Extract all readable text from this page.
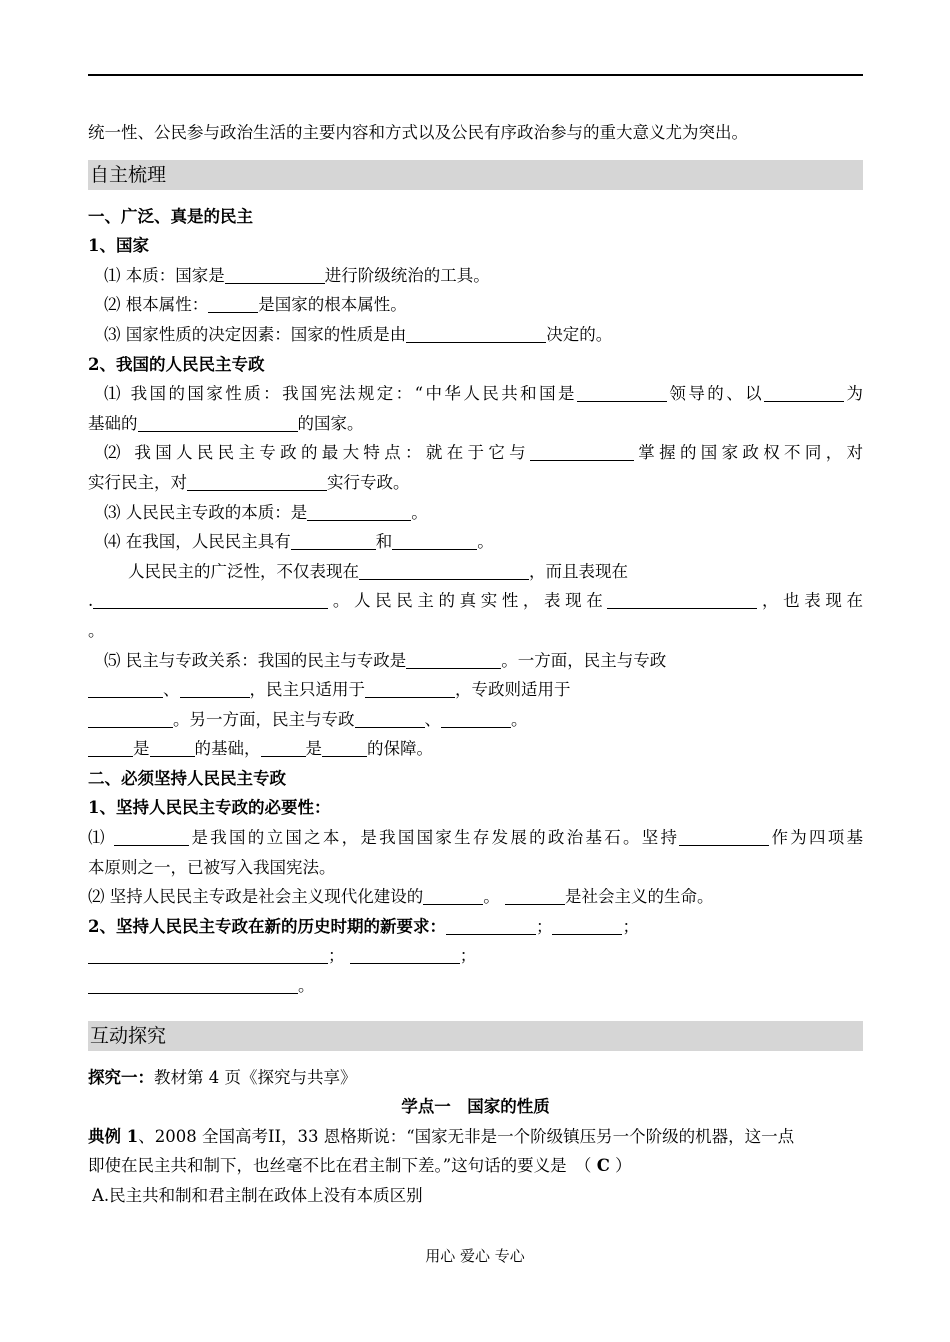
统一性、公民参与政治生活的主要内容和方式以及公民有序政治参与的重大意义尤为突出。
自主梳理
一、广泛、真是的民主
1、国家
⑴ 本质：国家是	进行阶级统治的工具。
⑵ 根本属性：	是国家的根本属性。
⑶ 国家性质的决定因素：国家的性质是由	决定的。
2、我国的人民民主专政
⑴ 我国的国家性质：我国宪法规定：“中华人民共和国是	领导的、以	为
基础的	的国家。
⑵ 我国人民民主专政的最大特点：就在于它与	掌握的国家政权不同，对
实行民主，对	实行专政。
⑶ 人民民主专政的本质：是	。
⑷ 在我国，人民民主具有	和	。
人民民主的广泛性，不仅表现在	，而且表现在
.	。人民民主的真实性，表现在	，也表现在
。
⑸ 民主与专政关系：我国的民主与专政是	。一方面，民主与专政
、	，民主只适用于	，专政则适用于
。另一方面，民主与专政	、	。
是	的基础，	是	的保障。
二、必须坚持人民民主专政
1、坚持人民民主专政的必要性：
⑴	是我国的立国之本，是我国国家生存发展的政治基石。坚持	作为四项基
本原则之一，已被写入我国宪法。
⑵ 坚持人民民主专政是社会主义现代化建设的	。	是社会主义的生命。
2、坚持人民民主专政在新的历史时期的新要求：	；	；
；	；
。
互动探究
探究一：教材第 4 页《探究与共享》
学点一　国家的性质
典例 1、2008 全国高考II，33 恩格斯说：“国家无非是一个阶级镇压另一个阶级的机器，这一点
即使在民主共和制下，也丝毫不比在君主制下差。”这句话的要义是　（ C ）
A.民主共和制和君主制在政体上没有本质区别
用心 爱心 专心
